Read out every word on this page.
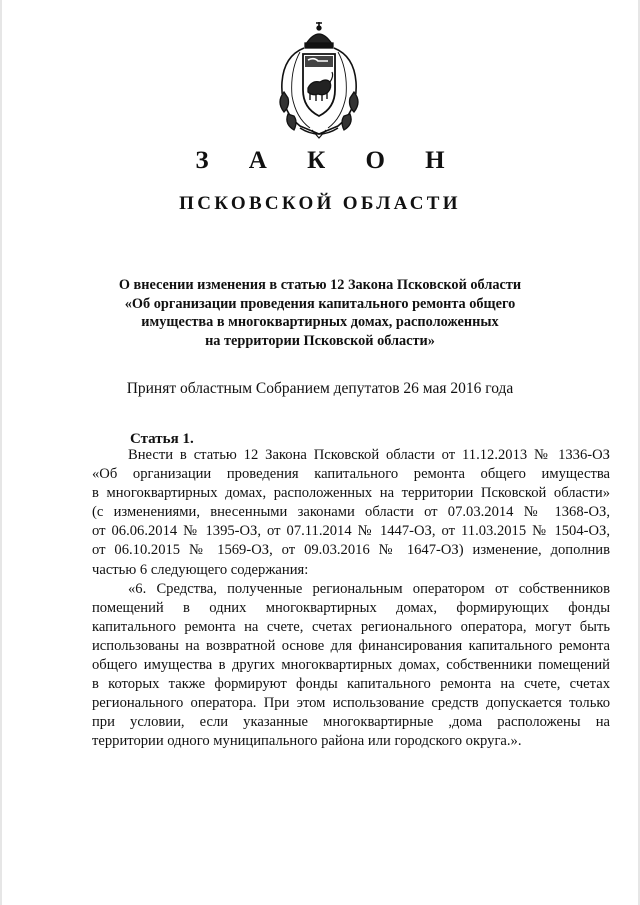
З А К О Н
ПСКОВСКОЙ ОБЛАСТИ
О внесении изменения в статью 12 Закона Псковской области
«Об организации проведения капитального ремонта общего
имущества в многоквартирных домах, расположенных
на территории Псковской области»
Принят областным Собранием депутатов 26 мая 2016 года
Статья 1.
Внести в статью 12 Закона Псковской области от 11.12.2013 № 1336-ОЗ
«Об организации проведения капитального ремонта общего имущества
в многоквартирных домах, расположенных на территории Псковской области»
(с изменениями, внесенными законами области от 07.03.2014 № 1368-ОЗ,
от 06.06.2014 № 1395-ОЗ, от 07.11.2014 № 1447-ОЗ, от 11.03.2015 № 1504-ОЗ,
от 06.10.2015 № 1569-ОЗ, от 09.03.2016 № 1647-ОЗ) изменение, дополнив
частью 6 следующего содержания:
«6. Средства, полученные региональным оператором от собственников
помещений в одних многоквартирных домах, формирующих фонды
капитального ремонта на счете, счетах регионального оператора, могут быть
использованы на возвратной основе для финансирования капитального ремонта
общего имущества в других многоквартирных домах, собственники помещений
в которых также формируют фонды капитального ремонта на счете, счетах
регионального оператора. При этом использование средств допускается только
при условии, если указанные многоквартирные ,дома расположены на
территории одного муниципального района или городского округа.».
